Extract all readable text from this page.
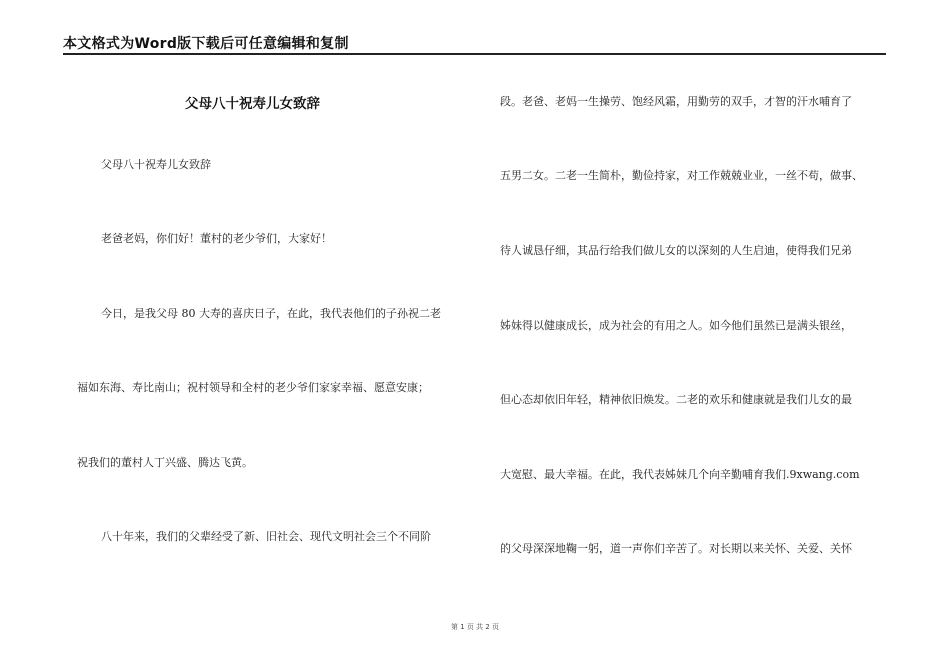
本文格式为Word版下载后可任意编辑和复制
父母八十祝寿儿女致辞
父母八十祝寿儿女致辞
老爸老妈，你们好！董村的老少爷们，大家好！
今日，是我父母 80 大寿的喜庆日子，在此，我代表他们的子孙祝二老
福如东海、寿比南山；祝村领导和全村的老少爷们家家幸福、愿意安康；
祝我们的董村人丁兴盛、腾达飞黄。
八十年来，我们的父辈经受了新、旧社会、现代文明社会三个不同阶
段。老爸、老妈一生操劳、饱经风霜，用勤劳的双手，才智的汗水哺育了
五男二女。二老一生简朴，勤俭持家，对工作兢兢业业，一丝不苟，做事、
待人诚恳仔细，其品行给我们做儿女的以深刻的人生启迪，使得我们兄弟
姊妹得以健康成长，成为社会的有用之人。如今他们虽然已是满头银丝，
但心态却依旧年轻，精神依旧焕发。二老的欢乐和健康就是我们儿女的最
大宽慰、最大幸福。在此，我代表姊妹几个向辛勤哺育我们.9xwang.com
的父母深深地鞠一躬，道一声你们辛苦了。对长期以来关怀、关爱、关怀
第 1 页 共 2 页
